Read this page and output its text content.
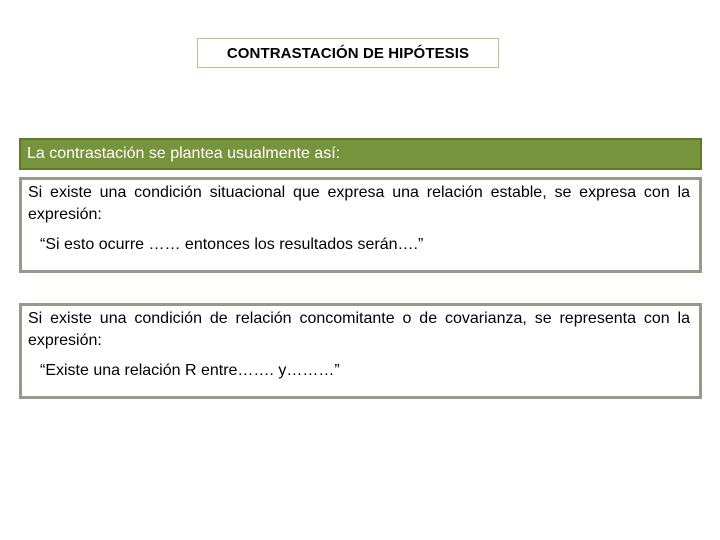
CONTRASTACIÓN DE HIPÓTESIS
La contrastación se plantea usualmente así:
Si existe una condición situacional que expresa una relación estable, se expresa con la expresión:
“Si esto ocurre …… entonces los resultados serán….”
Si existe una condición de relación concomitante o de covarianza, se representa con la expresión:
“Existe una relación R entre……. y………”
